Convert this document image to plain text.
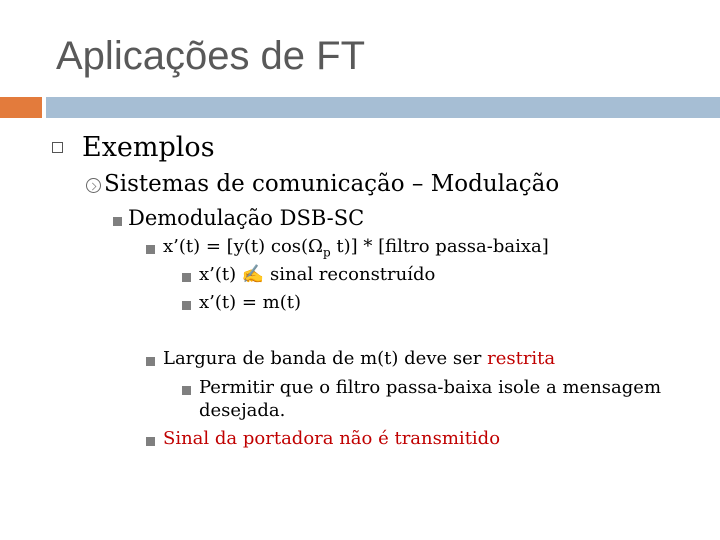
Aplicações de FT
Exemplos
Sistemas de comunicação – Modulação
Demodulação DSB-SC
x’(t) = [y(t) $\cos(\Omega_p$ t)] * [filtro passa-baixa]
x’(t) ✍ sinal reconstruído
x’(t) = m(t)
Largura de banda de m(t) deve ser restrita
Permitir que o filtro passa-baixa isole a mensagem
desejada.
Sinal da portadora não é transmitido
